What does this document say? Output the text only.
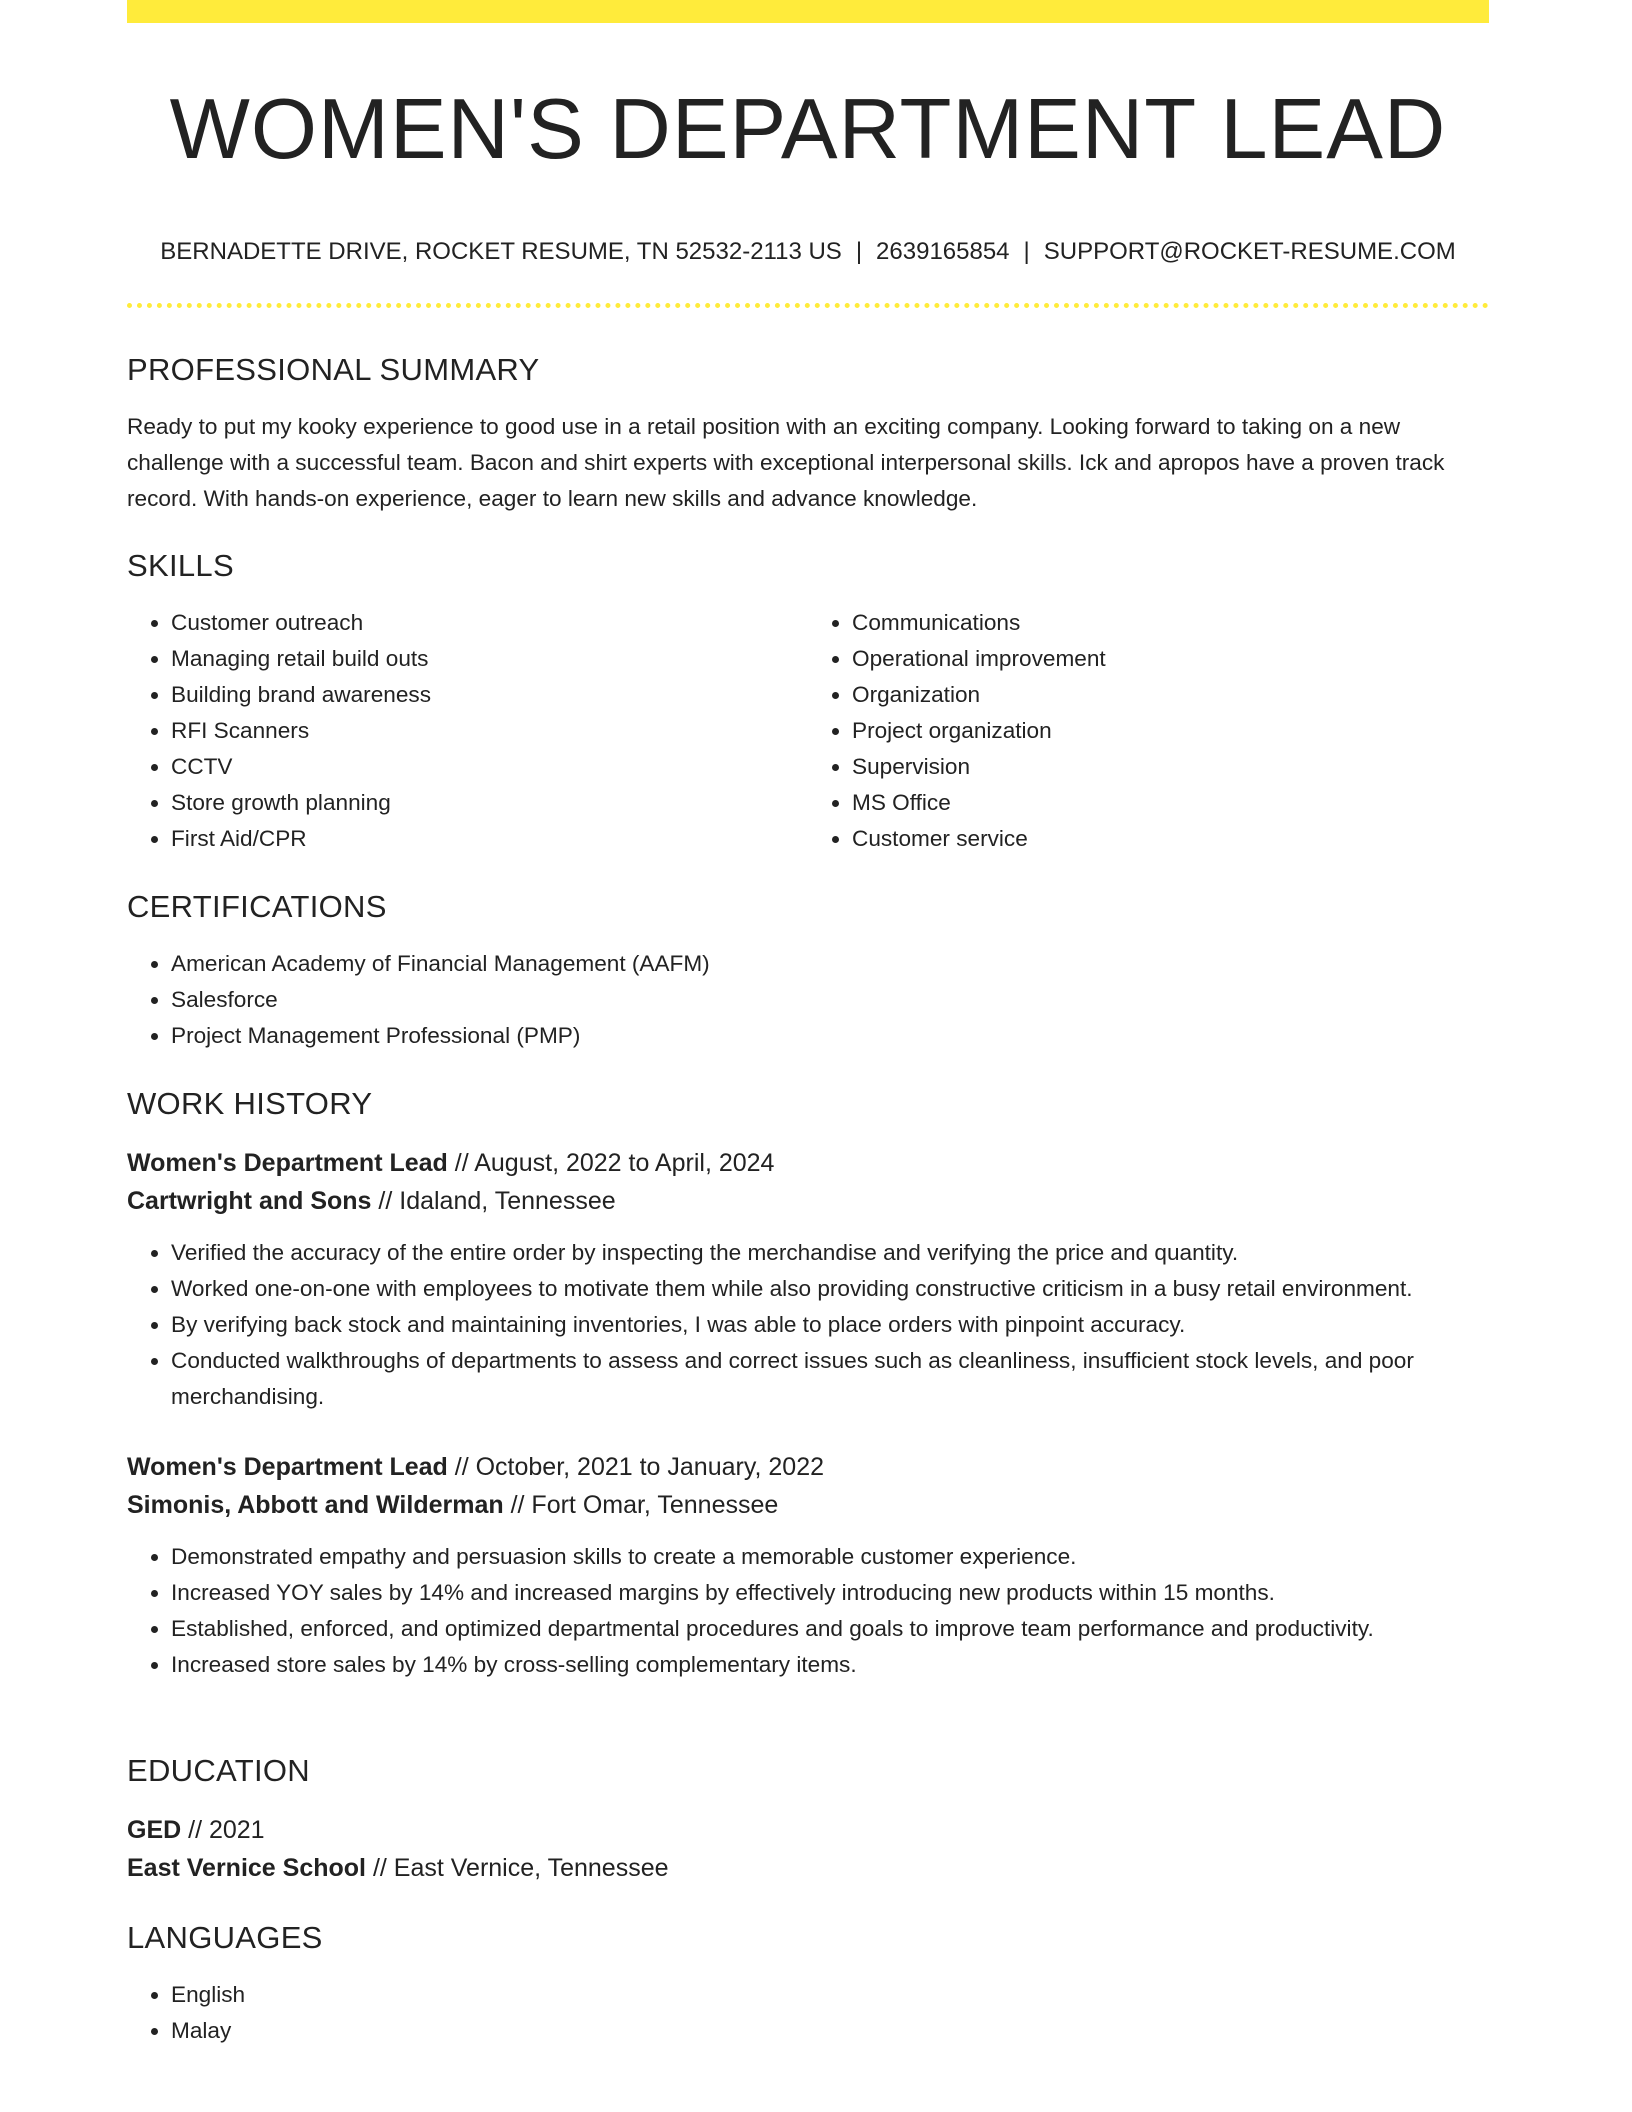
WOMEN'S DEPARTMENT LEAD
BERNADETTE DRIVE, ROCKET RESUME, TN 52532-2113 US | 2639165854 | SUPPORT@ROCKET-RESUME.COM
PROFESSIONAL SUMMARY

Ready to put my kooky experience to good use in a retail position with an exciting company. Looking forward to taking on a new challenge with a successful team. Bacon and shirt experts with exceptional interpersonal skills. Ick and apropos have a proven track record. With hands-on experience, eager to learn new skills and advance knowledge.

SKILLS
• Customer outreach
• Managing retail build outs
• Building brand awareness
• RFI Scanners
• CCTV
• Store growth planning
• First Aid/CPR
• Communications
• Operational improvement
• Organization
• Project organization
• Supervision
• MS Office
• Customer service
CERTIFICATIONS
• American Academy of Financial Management (AAFM)
• Salesforce
• Project Management Professional (PMP)
WORK HISTORY

Women's Department Lead // August, 2022 to April, 2024

Cartwright and Sons // Idaland, Tennessee

• Verified the accuracy of the entire order by inspecting the merchandise and verifying the price and quantity.
• Worked one-on-one with employees to motivate them while also providing constructive criticism in a busy retail environment.
• By verifying back stock and maintaining inventories, I was able to place orders with pinpoint accuracy.
• Conducted walkthroughs of departments to assess and correct issues such as cleanliness, insufficient stock levels, and poor merchandising.

Women's Department Lead // October, 2021 to January, 2022

Simonis, Abbott and Wilderman // Fort Omar, Tennessee

• Demonstrated empathy and persuasion skills to create a memorable customer experience.
• Increased YOY sales by 14% and increased margins by effectively introducing new products within 15 months.
• Established, enforced, and optimized departmental procedures and goals to improve team performance and productivity.
• Increased store sales by 14% by cross-selling complementary items.
EDUCATION

GED // 2021

East Vernice School // East Vernice, Tennessee

LANGUAGES
• English
• Malay
